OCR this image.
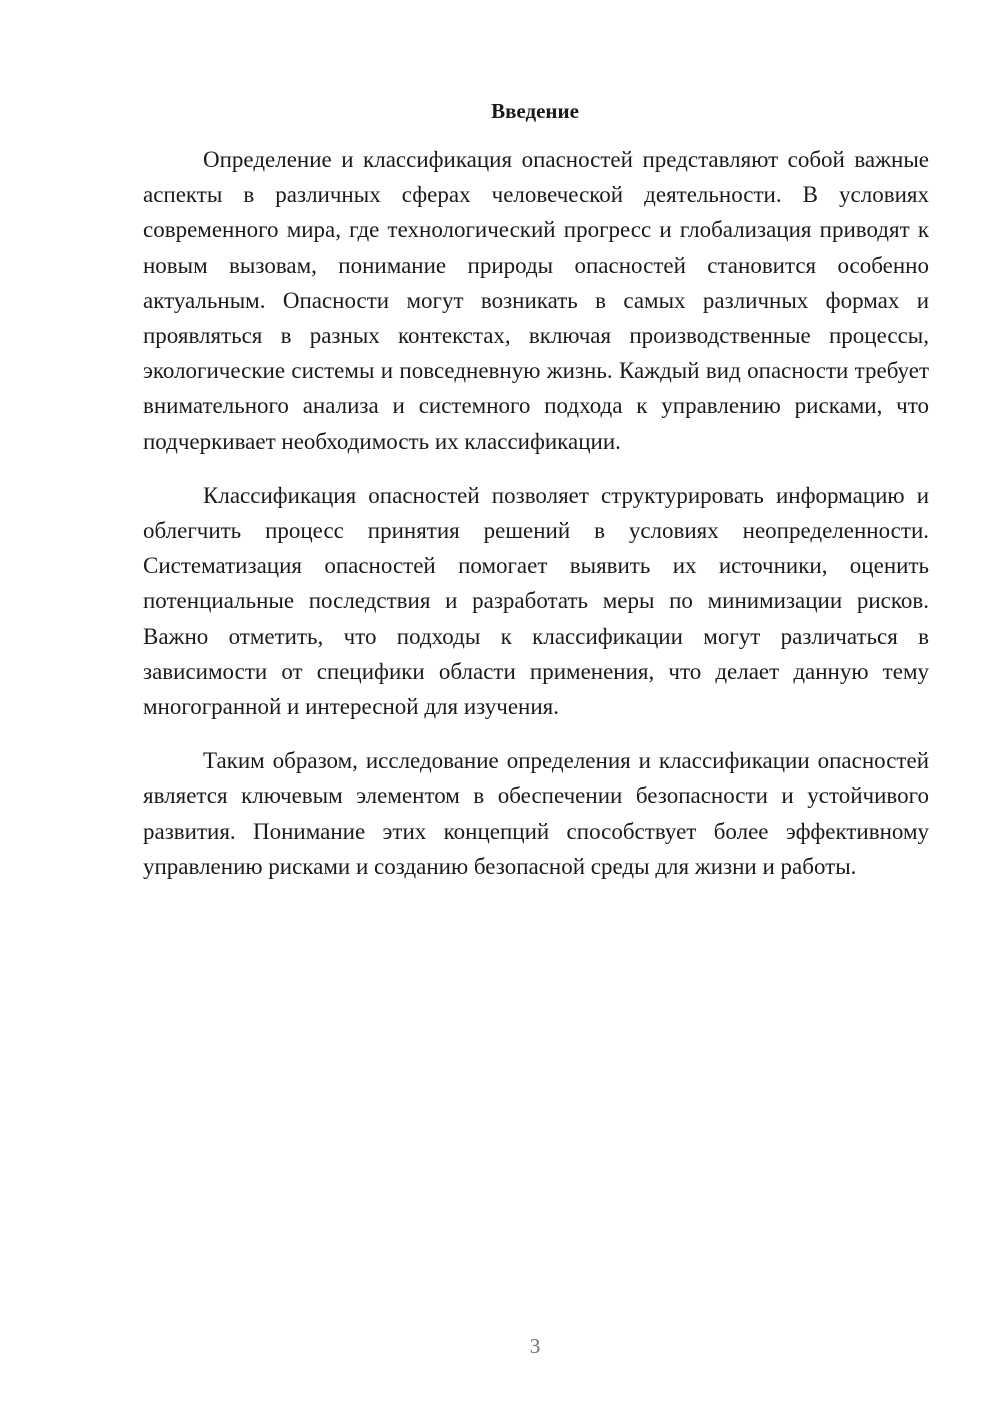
Введение

Определение и классификация опасностей представляют собой важные аспекты в различных сферах человеческой деятельности. В условиях современного мира, где технологический прогресс и глобализация приводят к новым вызовам, понимание природы опасностей становится особенно актуальным. Опасности могут возникать в самых различных формах и проявляться в разных контекстах, включая производственные процессы, экологические системы и повседневную жизнь. Каждый вид опасности требует внимательного анализа и системного подхода к управлению рисками, что подчеркивает необходимость их классификации.

Классификация опасностей позволяет структурировать информацию и облегчить процесс принятия решений в условиях неопределенности. Систематизация опасностей помогает выявить их источники, оценить потенциальные последствия и разработать меры по минимизации рисков. Важно отметить, что подходы к классификации могут различаться в зависимости от специфики области применения, что делает данную тему многогранной и интересной для изучения.

Таким образом, исследование определения и классификации опасностей является ключевым элементом в обеспечении безопасности и устойчивого развития. Понимание этих концепций способствует более эффективному управлению рисками и созданию безопасной среды для жизни и работы.

3
